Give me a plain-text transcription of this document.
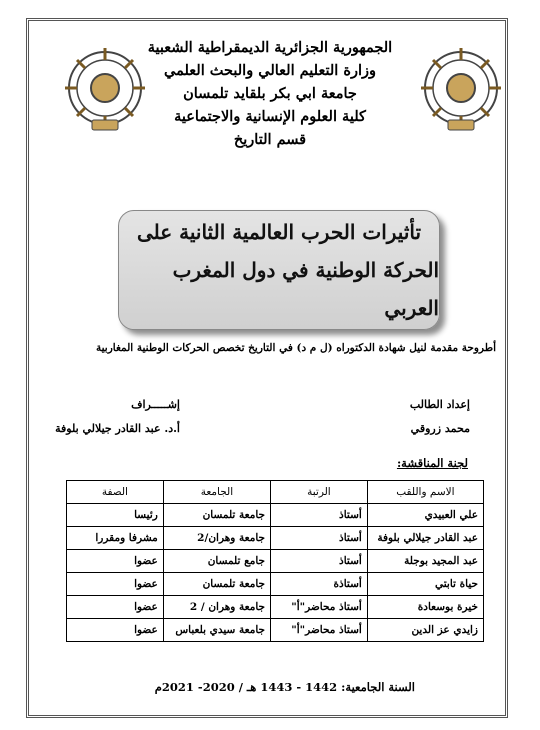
الجمهورية الجزائرية الديمقراطية الشعبية
وزارة التعليم العالي والبحث العلمي
جامعة ابي بكر بلقايد تلمسان
كلية العلوم الإنسانية والاجتماعية
قسم التاريخ
تأثيرات الحرب العالمية الثانية على
الحركة الوطنية في دول المغرب العربي
أطروحة مقدمة لنيل شهادة الدكتوراه (ل م د) في التاريخ تخصص الحركات الوطنية المغاربية
إعداد الطالب
محمد زروقي
إشـــــراف
أ.د. عبد القادر جيلالي بلوفة
لجنة المناقشة:
الاسم واللقب	الرتبة	الجامعة	الصفة
علي العبيدي	أستاذ	جامعة تلمسان	رئيسا
عبد القادر جيلالي بلوفة	أستاذ	جامعة وهران/2	مشرفا ومقررا
عبد المجيد بوجلة	أستاذ	جامع تلمسان	عضوا
حياة تابتي	أستاذة	جامعة تلمسان	عضوا
خيرة بوسعادة	أستاذ محاضر"أ"	جامعة وهران / 2	عضوا
زايدي عز الدين	أستاذ محاضر"أ"	جامعة سيدي بلعباس	عضوا
السنة الجامعية: 1442 - 1443 هـ / 2020- 2021م
